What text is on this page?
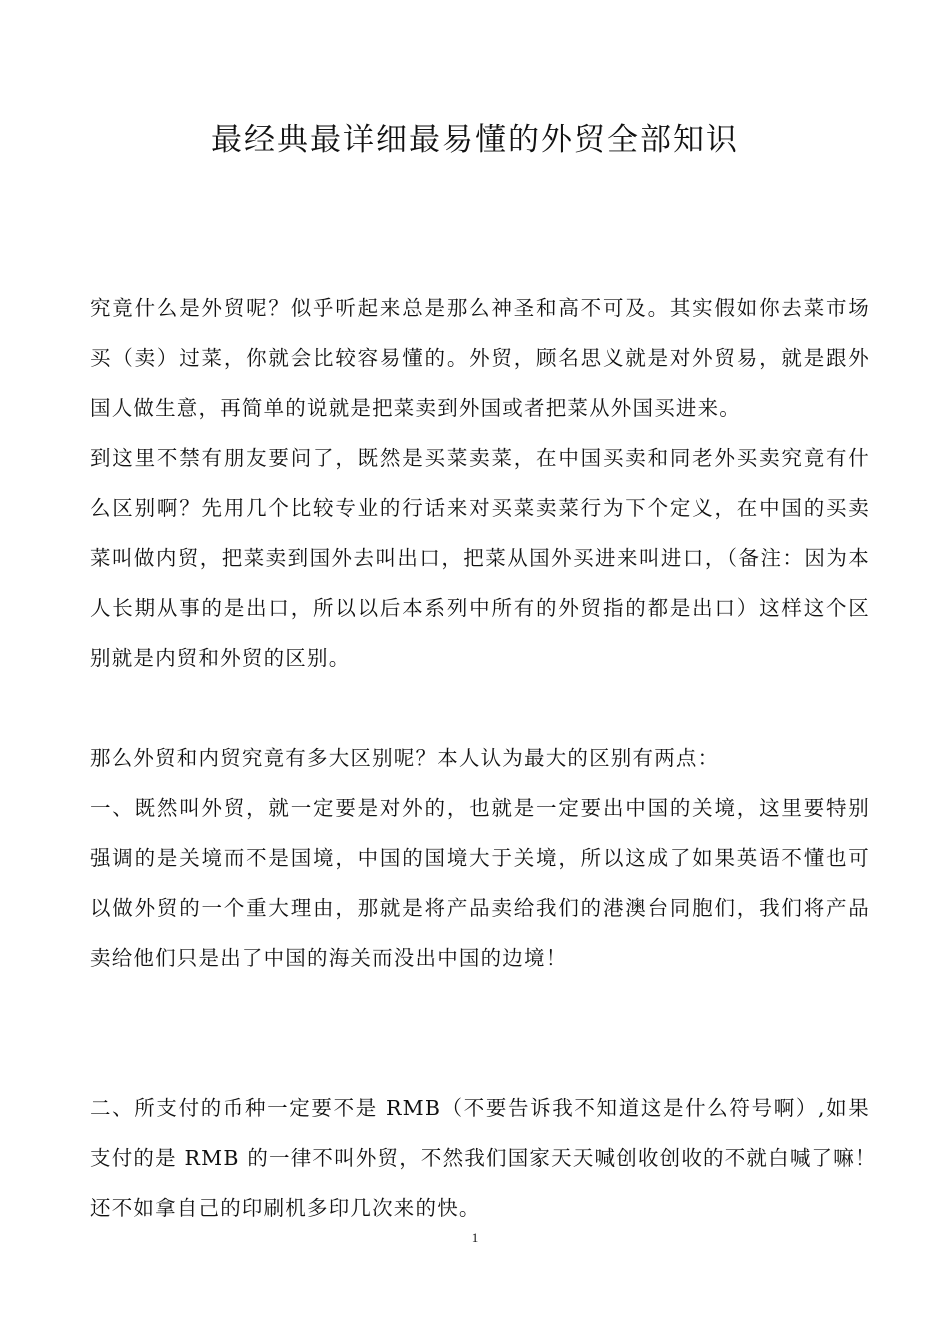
最经典最详细最易懂的外贸全部知识
究竟什么是外贸呢？似乎听起来总是那么神圣和高不可及。其实假如你去菜市场
买（卖）过菜，你就会比较容易懂的。外贸，顾名思义就是对外贸易，就是跟外
国人做生意，再简单的说就是把菜卖到外国或者把菜从外国买进来。
到这里不禁有朋友要问了，既然是买菜卖菜，在中国买卖和同老外买卖究竟有什
么区别啊？先用几个比较专业的行话来对买菜卖菜行为下个定义，在中国的买卖
菜叫做内贸，把菜卖到国外去叫出口，把菜从国外买进来叫进口，（备注：因为本
人长期从事的是出口，所以以后本系列中所有的外贸指的都是出口）这样这个区
别就是内贸和外贸的区别。
那么外贸和内贸究竟有多大区别呢？本人认为最大的区别有两点：
一、既然叫外贸，就一定要是对外的，也就是一定要出中国的关境，这里要特别
强调的是关境而不是国境，中国的国境大于关境，所以这成了如果英语不懂也可
以做外贸的一个重大理由，那就是将产品卖给我们的港澳台同胞们，我们将产品
卖给他们只是出了中国的海关而没出中国的边境！
二、所支付的币种一定要不是 RMB（不要告诉我不知道这是什么符号啊）,如果
支付的是 RMB 的一律不叫外贸，不然我们国家天天喊创收创收的不就白喊了嘛！
还不如拿自己的印刷机多印几次来的快。
1
